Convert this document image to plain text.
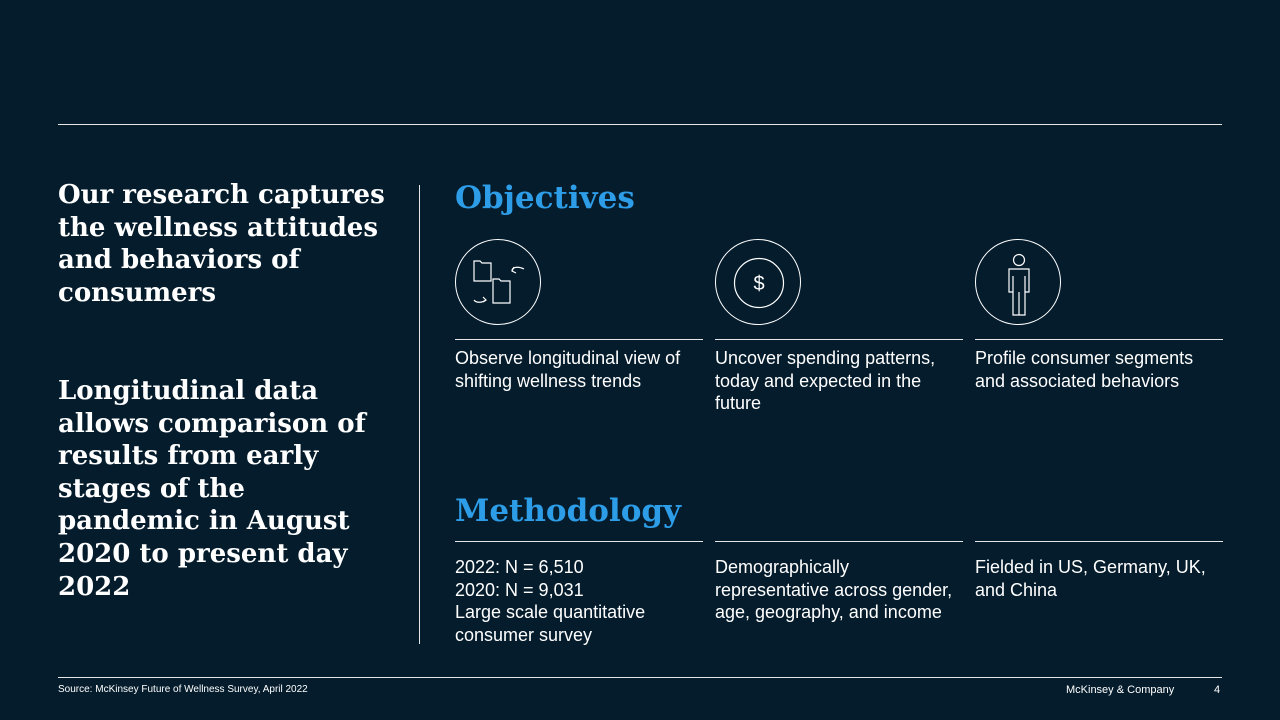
Our research captures the wellness attitudes and behaviors of consumers

Longitudinal data allows comparison of results from early stages of the pandemic in August 2020 to present day 2022

Objectives

Observe longitudinal view of shifting wellness trends

$

Uncover spending patterns, today and expected in the future

Profile consumer segments and associated behaviors

Methodology

2022: N = 6,510
2020: N = 9,031
Large scale quantitative consumer survey

Demographically representative across gender, age, geography, and income

Fielded in US, Germany, UK, and China

Source: McKinsey Future of Wellness Survey, April 2022	McKinsey & Company	4
